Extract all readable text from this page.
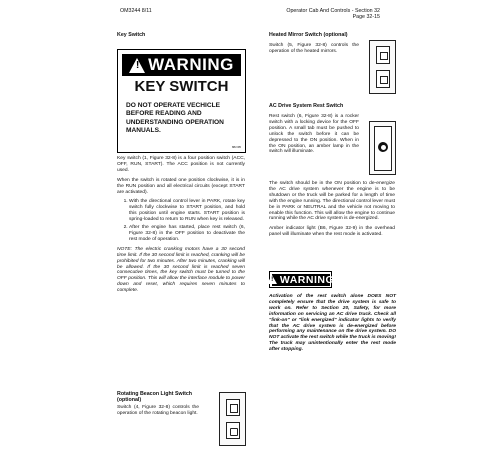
OM3244 8/11	Operator Cab And Controls - Section 32
Page 32-15
Key Switch
! WARNING
KEY SWITCH
DO NOT OPERATE VECHICLE BEFORE READING AND UNDERSTANDING OPERATION MANUALS.
88zz95

Key switch (1, Figure 32-8) is a four position switch (ACC, OFF, RUN, START). The ACC position is not currently used.

When the switch is rotated one position clockwise, it is in the RUN position and all electrical circuits (except START are activated).

1. With the directional control lever in PARK, rotate key switch fully clockwise to START position, and hold this position until engine starts. START position is spring-loaded to return to RUN when key is released.
2. After the engine has started, place rest switch (6, Figure 32-8) in the OFF position to deactivate the rest mode of operation.

NOTE: The electric cranking motors have a 30 second time limit. If the 30 second limit is reached, cranking will be prohibited for two minutes. After two minutes, cranking will be allowed. If the 30 second limit is reached seven consecutive times, the key switch must be turned to the OFF position. This will allow the interface module to power down and reset, which requires seven minutes to complete.

Rotating Beacon Light Switch (optional)

Switch (4, Figure 32-8) controls the operation of the rotating beacon light.

Heated Mirror Switch (optional)

Switch (5, Figure 32-8) controls the operation of the heated mirrors.

AC Drive System Rest Switch

Rest switch (6, Figure 32-8) is a rocker switch with a locking device for the OFF position. A small tab must be pushed to unlock the switch before it can be depressed to the ON position. When in the ON position, an amber lamp in the switch will illuminate.

The switch should be in the ON position to de-energize the AC drive system whenever the engine is to be shutdown or the truck will be parked for a length of time with the engine running. The directional control lever must be in PARK or NEUTRAL and the vehicle not moving to enable this function. This will allow the engine to continue running while the AC drive system is de-energized.

Amber indicator light (B6, Figure 32-9) in the overhead panel will illuminate when the rest mode is activated.

! WARNING
Activation of the rest switch alone DOES NOT completely ensure that the drive system is safe to work on. Refer to Section 20, Safety, for more information on servicing an AC drive truck. Check all "link-on" or "link energized" indicator lights to verify that the AC drive system is de-energized before performing any maintenance on the drive system. DO NOT activate the rest switch while the truck is moving! The truck may unintentionally enter the rest mode after stopping.
